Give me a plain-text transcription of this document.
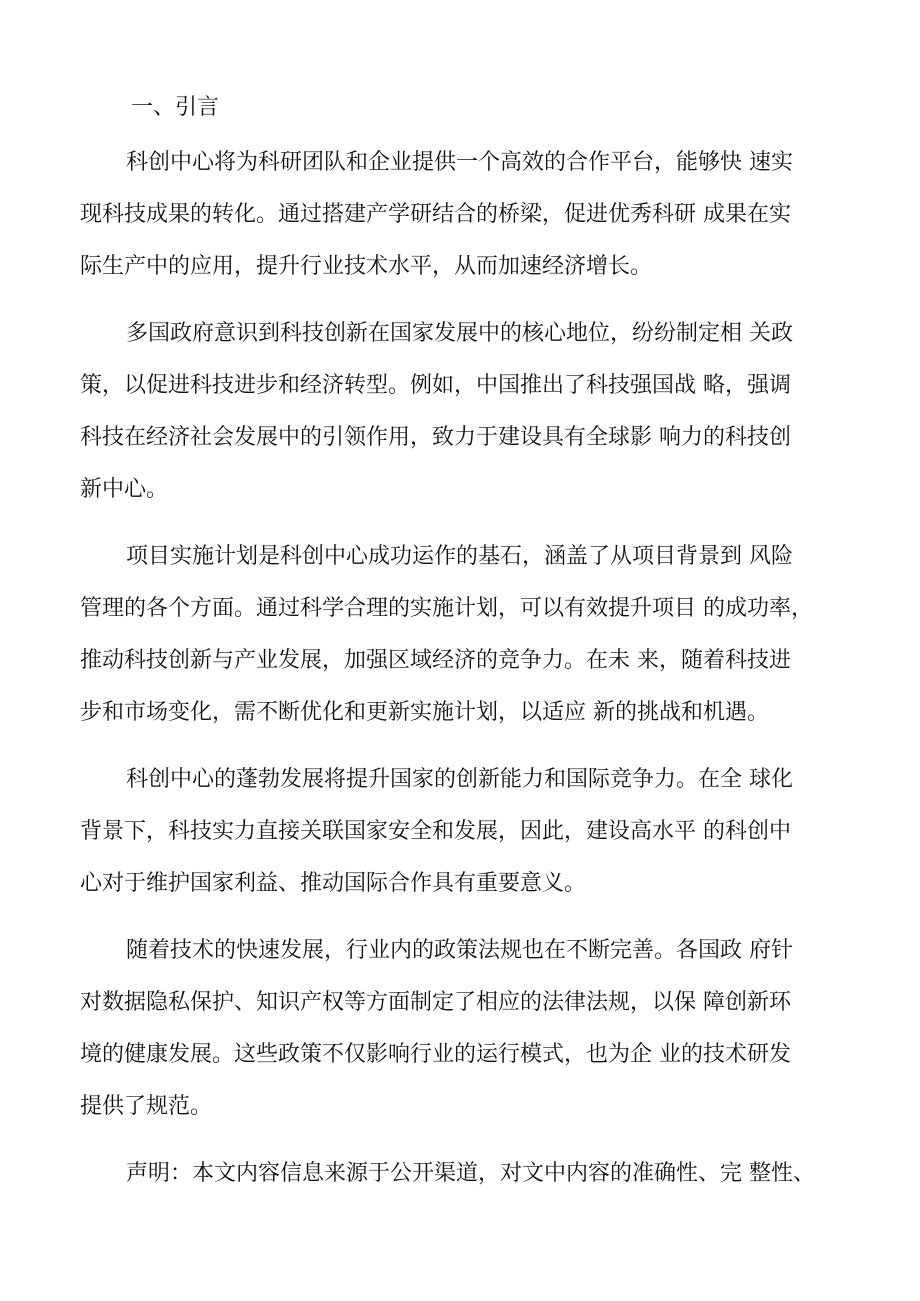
一、引言
科创中心将为科研团队和企业提供一个高效的合作平台，能够快 速实
现科技成果的转化。通过搭建产学研结合的桥梁，促进优秀科研 成果在实
际生产中的应用，提升行业技术水平，从而加速经济增长。
多国政府意识到科技创新在国家发展中的核心地位，纷纷制定相 关政
策，以促进科技进步和经济转型。例如，中国推出了科技强国战 略，强调
科技在经济社会发展中的引领作用，致力于建设具有全球影 响力的科技创
新中心。
项目实施计划是科创中心成功运作的基石，涵盖了从项目背景到 风险
管理的各个方面。通过科学合理的实施计划，可以有效提升项目 的成功率，
推动科技创新与产业发展，加强区域经济的竞争力。在未 来，随着科技进
步和市场变化，需不断优化和更新实施计划，以适应 新的挑战和机遇。
科创中心的蓬勃发展将提升国家的创新能力和国际竞争力。在全 球化
背景下，科技实力直接关联国家安全和发展，因此，建设高水平 的科创中
心对于维护国家利益、推动国际合作具有重要意义。
随着技术的快速发展，行业内的政策法规也在不断完善。各国政 府针
对数据隐私保护、知识产权等方面制定了相应的法律法规，以保 障创新环
境的健康发展。这些政策不仅影响行业的运行模式，也为企 业的技术研发
提供了规范。
声明：本文内容信息来源于公开渠道，对文中内容的准确性、完 整性、
